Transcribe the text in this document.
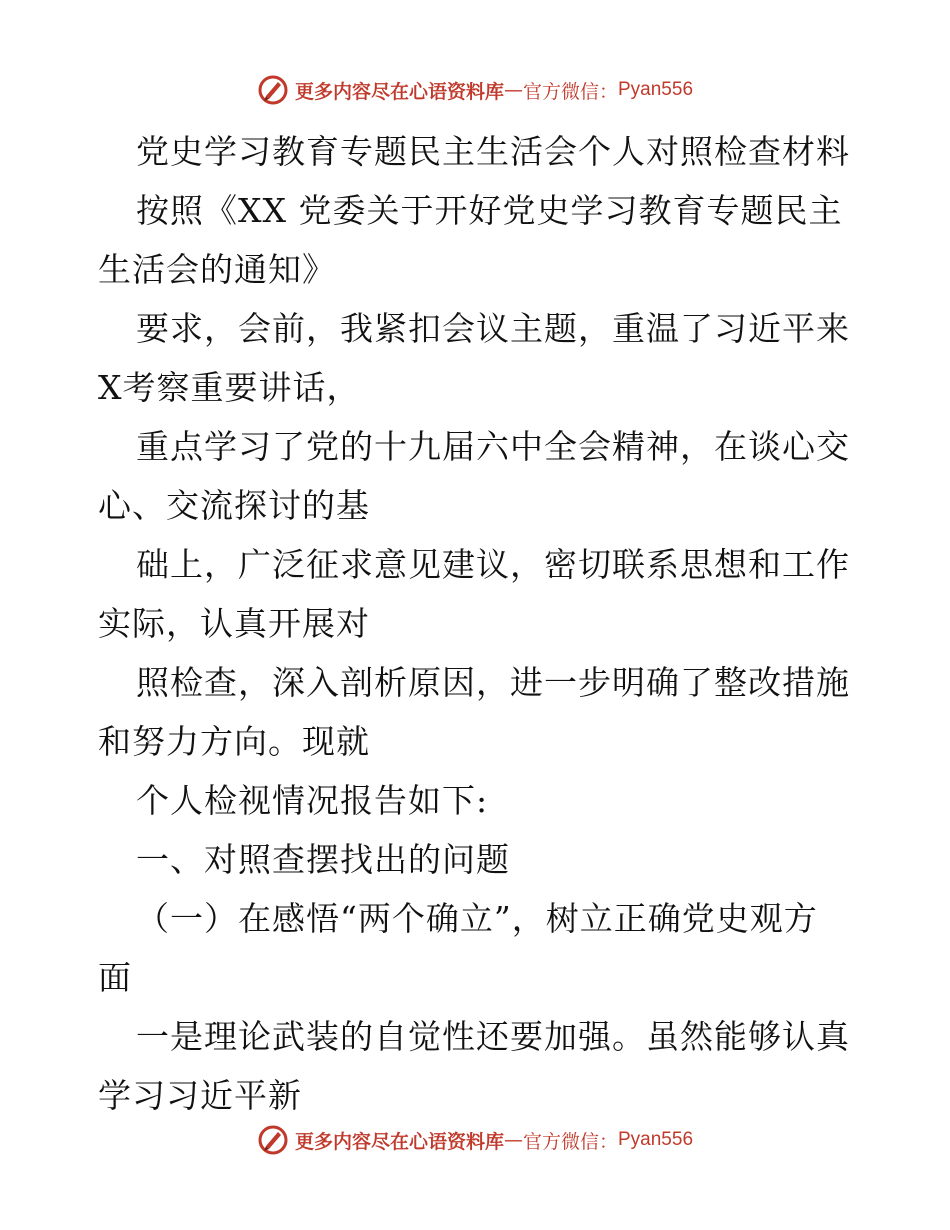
更多内容尽在心语资料库 — 官方微信： Pyan556
党史学习教育专题民主生活会个人对照检查材料
按照《XX 党委关于开好党史学习教育专题民主
生活会的通知》
要求，会前，我紧扣会议主题，重温了习近平来
X考察重要讲话，
重点学习了党的十九届六中全会精神，在谈心交
心、交流探讨的基
础上，广泛征求意见建议，密切联系思想和工作
实际，认真开展对
照检查，深入剖析原因，进一步明确了整改措施
和努力方向。现就
个人检视情况报告如下:
一、对照查摆找出的问题
（一）在感悟“两个确立”，树立正确党史观方
面
一是理论武装的自觉性还要加强。虽然能够认真
学习习近平新
更多内容尽在心语资料库 — 官方微信： Pyan556
